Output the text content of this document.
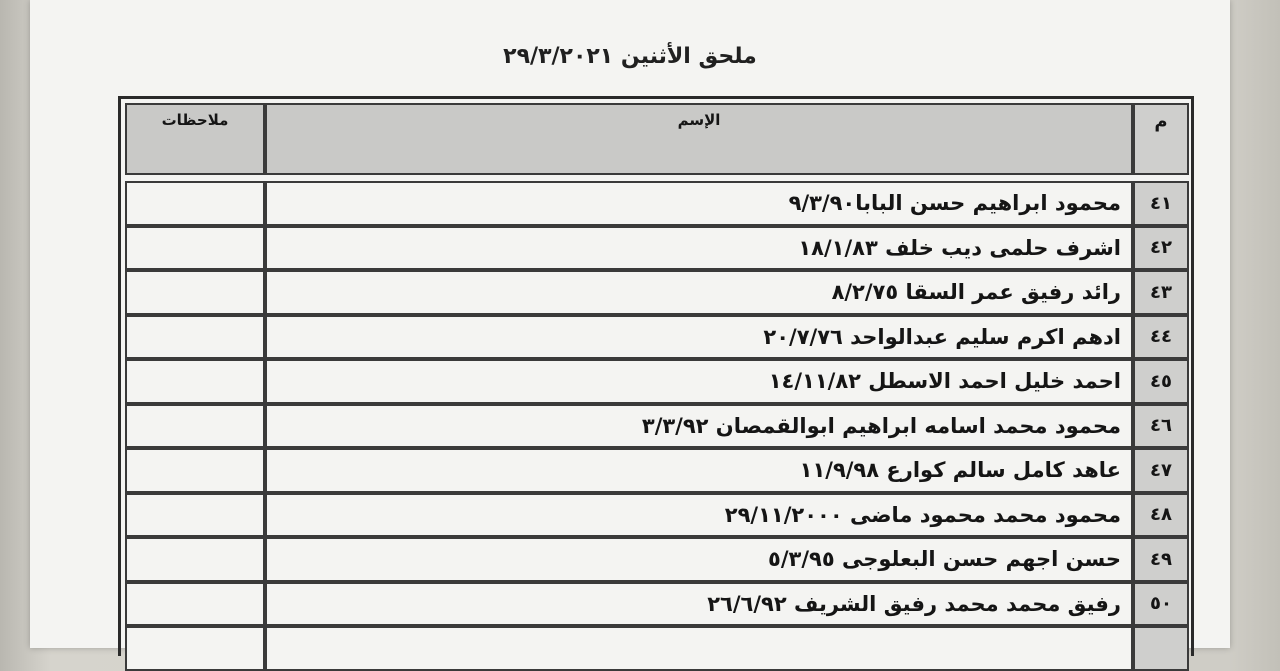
ملحق الأثنين ٢٩/٣/٢٠٢١
م	الإسم	ملاحظات

٤١	محمود ابراهيم حسن البابا٩/٣/٩٠	
٤٢	اشرف حلمى ديب خلف ١٨/١/٨٣	
٤٣	رائد رفيق عمر السقا ٨/٢/٧٥	
٤٤	ادهم اكرم سليم عبدالواحد ٢٠/٧/٧٦	
٤٥	احمد خليل احمد الاسطل ١٤/١١/٨٢	
٤٦	محمود محمد اسامه ابراهيم ابوالقمصان ٣/٣/٩٢	
٤٧	عاهد كامل سالم كوارع ١١/٩/٩٨	
٤٨	محمود محمد محمود ماضى ٢٩/١١/٢٠٠٠	
٤٩	حسن اجهم حسن البعلوجى ٥/٣/٩٥	
٥٠	رفيق محمد محمد رفيق الشريف ٢٦/٦/٩٢	
